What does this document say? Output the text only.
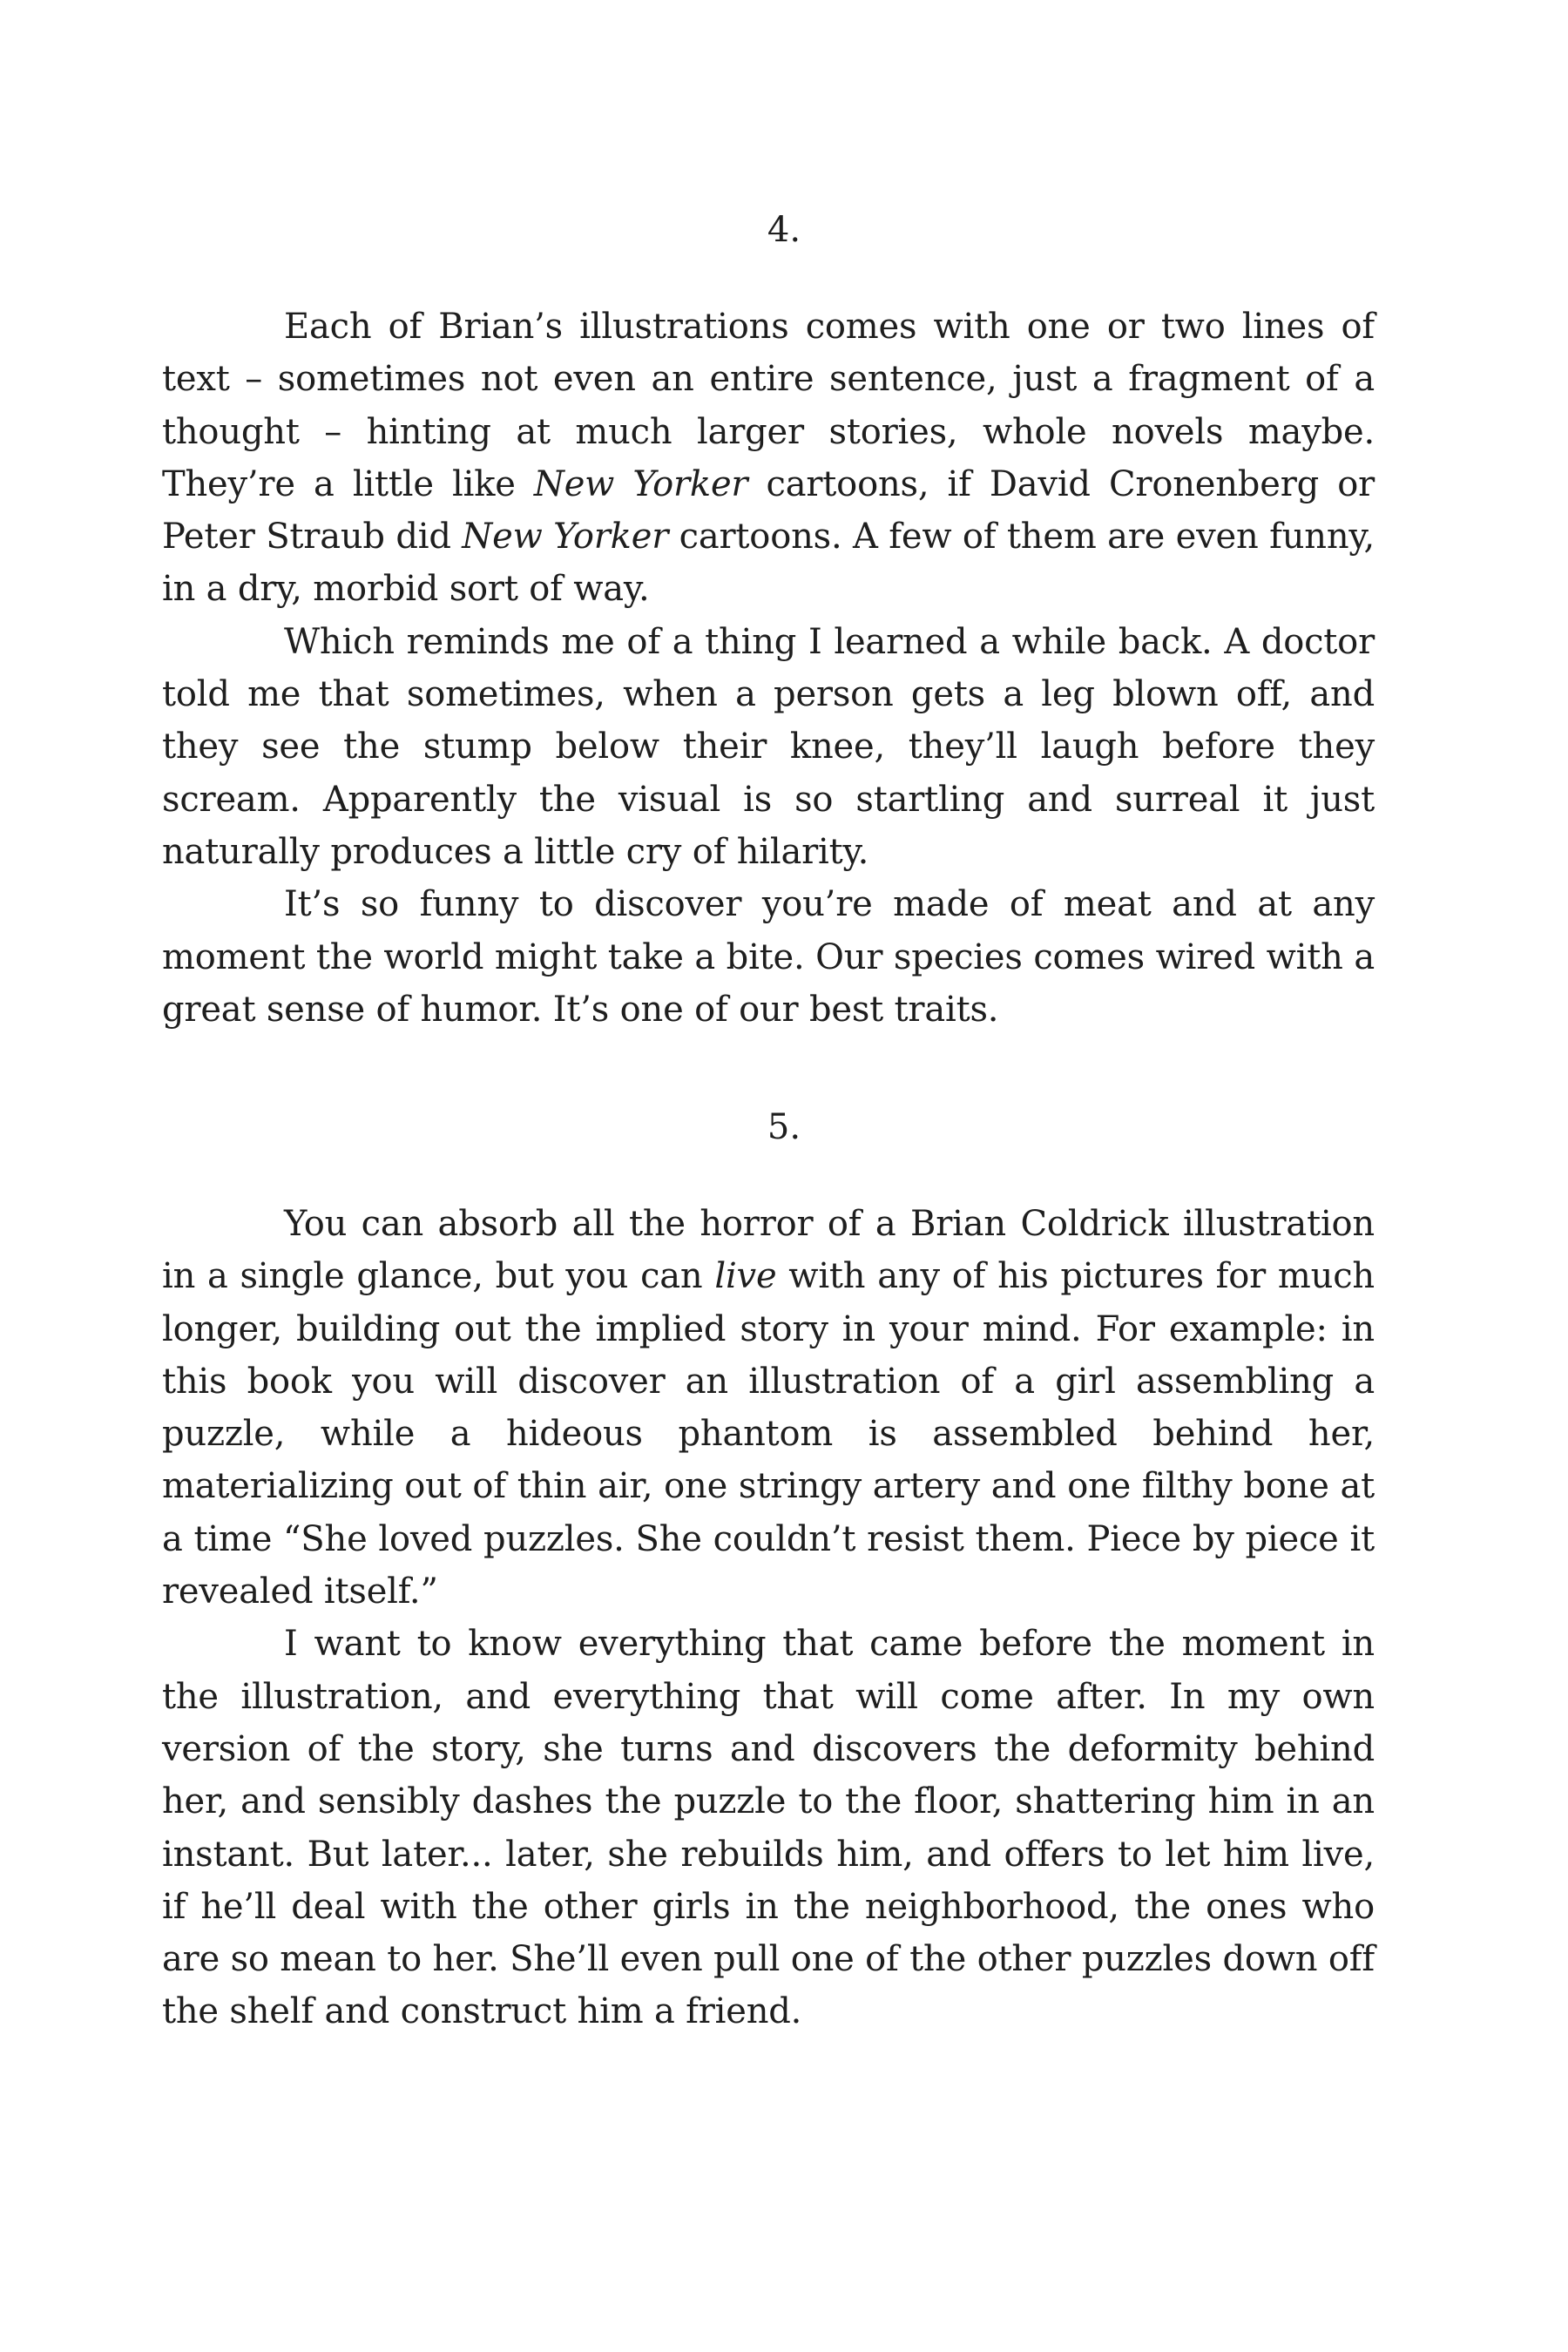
4.

Each of Brian’s illustrations comes with one or two lines of text – sometimes not even an entire sentence, just a fragment of a thought – hinting at much larger stories, whole novels maybe. They’re a little like New Yorker cartoons, if David Cronenberg or Peter Straub did New Yorker cartoons. A few of them are even funny, in a dry, morbid sort of way.

Which reminds me of a thing I learned a while back. A doctor told me that sometimes, when a person gets a leg blown off, and they see the stump below their knee, they’ll laugh before they scream. Apparently the visual is so startling and surreal it just naturally produces a little cry of hilarity.

It’s so funny to discover you’re made of meat and at any moment the world might take a bite. Our species comes wired with a great sense of humor. It’s one of our best traits.

5.

You can absorb all the horror of a Brian Coldrick illustration in a single glance, but you can live with any of his pictures for much longer, building out the implied story in your mind. For example: in this book you will discover an illustration of a girl assembling a puzzle, while a hideous phantom is assembled behind her, materializing out of thin air, one stringy artery and one filthy bone at a time “She loved puzzles. She couldn’t resist them. Piece by piece it revealed itself.”

I want to know everything that came before the moment in the illustration, and everything that will come after. In my own version of the story, she turns and discovers the deformity behind her, and sensibly dashes the puzzle to the floor, shattering him in an instant. But later... later, she rebuilds him, and offers to let him live, if he’ll deal with the other girls in the neighborhood, the ones who are so mean to her. She’ll even pull one of the other puzzles down off the shelf and construct him a friend.
